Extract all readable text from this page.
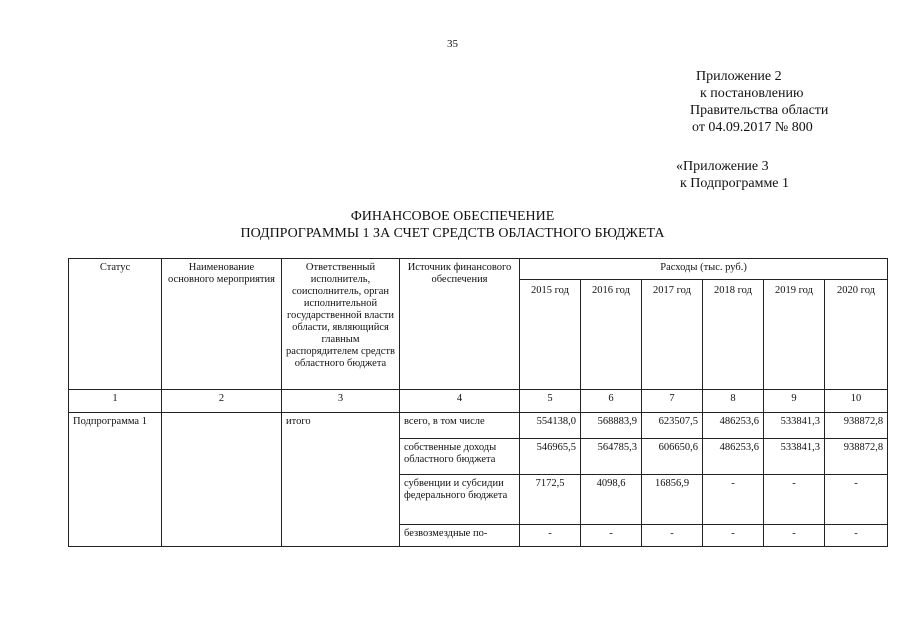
35
Приложение 2
к постановлению
Правительства области
от 04.09.2017 № 800
«Приложение 3
к Подпрограмме 1
ФИНАНСОВОЕ ОБЕСПЕЧЕНИЕ
ПОДПРОГРАММЫ 1 ЗА СЧЕТ СРЕДСТВ ОБЛАСТНОГО БЮДЖЕТА
Статус	Наименование основного мероприятия	Ответственный исполнитель, соисполнитель, орган исполнительной государственной власти области, являющийся главным распорядителем средств областного бюджета	Источник финансового обеспечения	Расходы (тыс. руб.)					
				2015 год	2016 год	2017 год	2018 год	2019 год	2020 год
1	2	3	4	5	6	7	8	9	10
Подпрограмма 1		итого	всего, в том числе	554138,0	568883,9	623507,5	486253,6	533841,3	938872,8
			собственные доходы областного бюджета	546965,5	564785,3	606650,6	486253,6	533841,3	938872,8
			субвенции и субсидии федерального бюджета	7172,5	4098,6	16856,9	-	-	-
			безвозмездные по-	-	-	-	-	-	-
